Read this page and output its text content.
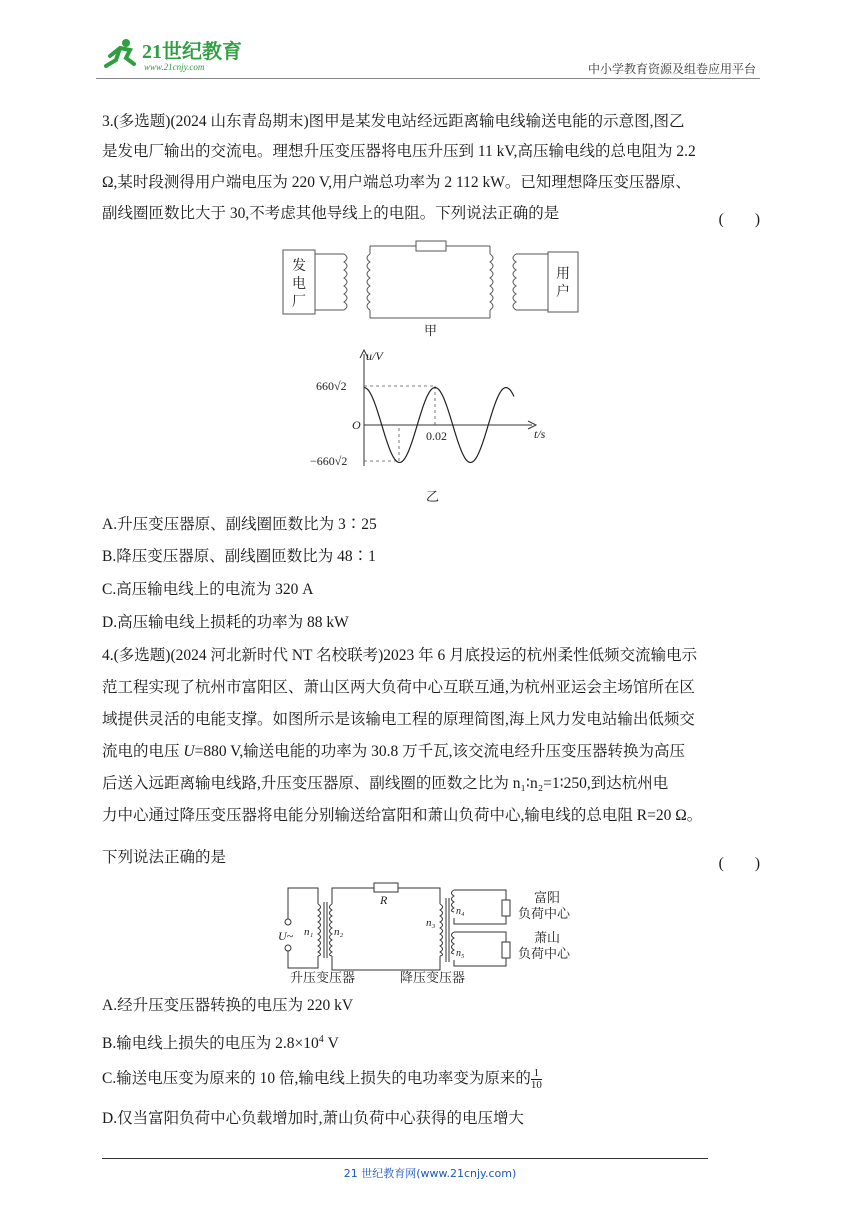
21世纪教育
www.21cnjy.com	中小学教育资源及组卷应用平台
3.(多选题)(2024 山东青岛期末)图甲是某发电站经远距离输电线输送电能的示意图,图乙
是发电厂输出的交流电。理想升压变压器将电压升压到 11 kV,高压输电线的总电阻为 2.2
Ω,某时段测得用户端电压为 220 V,用户端总功率为 2 112 kW。已知理想降压变压器原、
副线圈匝数比大于 30,不考虑其他导线上的电阻。下列说法正确的是	(　　)
发
电
厂
用
户
甲
u/V
t/s
O
660√2
−660√2
0.02
乙
A.升压变压器原、副线圈匝数比为 3∶25
B.降压变压器原、副线圈匝数比为 48∶1
C.高压输电线上的电流为 320 A
D.高压输电线上损耗的功率为 88 kW
4.(多选题)(2024 河北新时代 NT 名校联考)2023 年 6 月底投运的杭州柔性低频交流输电示
范工程实现了杭州市富阳区、萧山区两大负荷中心互联互通,为杭州亚运会主场馆所在区
域提供灵活的电能支撑。如图所示是该输电工程的原理简图,海上风力发电站输出低频交
流电的电压 U=880 V,输送电能的功率为 30.8 万千瓦,该交流电经升压变压器转换为高压
后送入远距离输电线路,升压变压器原、副线圈的匝数之比为 n₁∶n₂=1∶250,到达杭州电
力中心通过降压变压器将电能分别输送给富阳和萧山负荷中心,输电线的总电阻 R=20 Ω。
下列说法正确的是	(　　)
U~ n₁ n₂
R
n₃
n₄
n₅
富阳
负荷中心
萧山
负荷中心
升压变压器	降压变压器
A.经升压变压器转换的电压为 220 kV
B.输电线上损失的电压为 $2.8\times 10^4$ V
C.输送电压变为原来的 10 倍,输电线上损失的电功率变为原来的 $\frac{1}{10}$
D.仅当富阳负荷中心负载增加时,萧山负荷中心获得的电压增大
21 世纪教育网(www.21cnjy.com)
